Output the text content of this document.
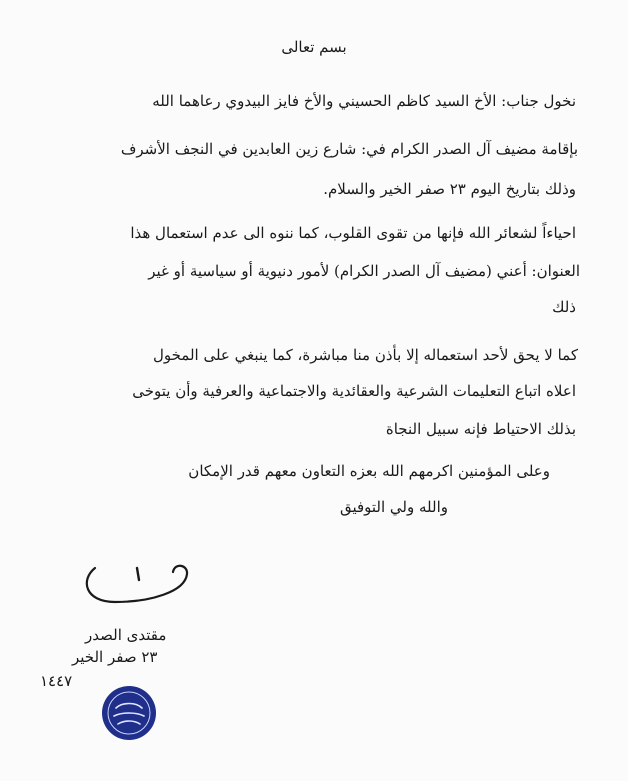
بسم تعالى
نخول جناب: الأخ السيد كاظم الحسيني والأخ فايز البيدوي رعاهما الله
بإقامة مضيف آل الصدر الكرام في: شارع زين العابدين في النجف الأشرف
وذلك بتاريخ اليوم ٢٣ صفر الخير والسلام.
احياءاً لشعائر الله فإنها من تقوى القلوب، كما ننوه الى عدم استعمال هذا
العنوان: أعني (مضيف آل الصدر الكرام) لأمور دنيوية أو سياسية أو غير
ذلك
كما لا يحق لأحد استعماله إلا بأذن منا مباشرة، كما ينبغي على المخول
اعلاه اتباع التعليمات الشرعية والعقائدية والاجتماعية والعرفية وأن يتوخى
بذلك الاحتياط فإنه سبيل النجاة
وعلى المؤمنين اكرمهم الله بعزه التعاون معهم قدر الإمكان
والله ولي التوفيق
مقتدى الصدر
٢٣ صفر الخير
١٤٤٧
